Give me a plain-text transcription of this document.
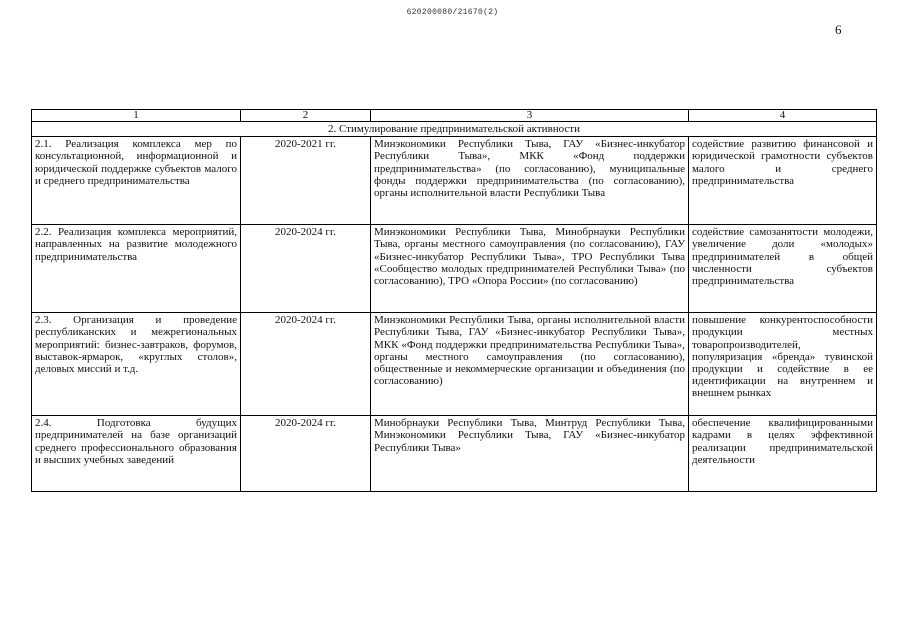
620200080/21670(2)
6
1	2	3	4
2. Стимулирование предпринимательской активности			
2.1. Реализация комплекса мер по консультационной, информационной и юридической поддержке субъектов малого и среднего предпринимательства	2020-2021 гг.	Минэкономики Республики Тыва, ГАУ «Бизнес-инкубатор Республики Тыва», МКК «Фонд поддержки предпринимательства» (по согласованию), муниципальные фонды поддержки предпринимательства (по согласованию), органы исполнительной власти Республики Тыва	содействие развитию финансовой и юридической грамотности субъектов малого и среднего предпринимательства
2.2. Реализация комплекса мероприятий, направленных на развитие молодежного предпринимательства	2020-2024 гг.	Минэкономики Республики Тыва, Минобрнауки Республики Тыва, органы местного самоуправления (по согласованию), ГАУ «Бизнес-инкубатор Республики Тыва», ТРО Республики Тыва «Сообщество молодых предпринимателей Республики Тыва» (по согласованию), ТРО «Опора России» (по согласованию)	содействие самозанятости молодежи, увеличение доли «молодых» предпринимателей в общей численности субъектов предпринимательства
2.3. Организация и проведение республиканских и межрегиональных мероприятий: бизнес-завтраков, форумов, выставок-ярмарок, «круглых столов», деловых миссий и т.д.	2020-2024 гг.	Минэкономики Республики Тыва, органы исполнительной власти Республики Тыва, ГАУ «Бизнес-инкубатор Республики Тыва», МКК «Фонд поддержки предпринимательства Республики Тыва», органы местного самоуправления (по согласованию), общественные и некоммерческие организации и объединения (по согласованию)	повышение конкурентоспособности продукции местных товаропроизводителей, популяризация «бренда» тувинской продукции и содействие в ее идентификации на внутреннем и внешнем рынках
2.4. Подготовка будущих предпринимателей на базе организаций среднего профессионального образования и высших учебных заведений	2020-2024 гг.	Минобрнауки Республики Тыва, Минтруд Республики Тыва, Минэкономики Республики Тыва, ГАУ «Бизнес-инкубатор Республики Тыва»	обеспечение квалифицированными кадрами в целях эффективной реализации предпринимательской деятельности
